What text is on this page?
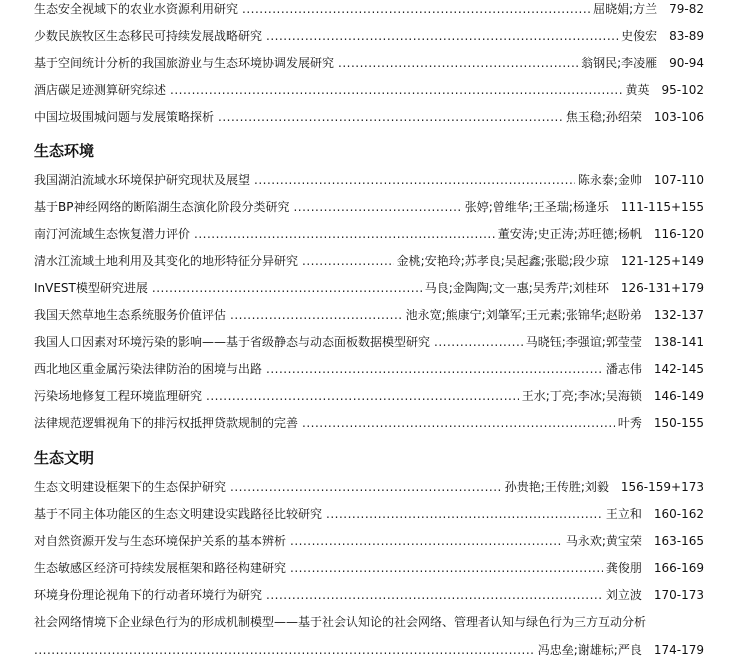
生态安全视域下的农业水资源利用研究 .....	屈晓娟;方兰 79-82
少数民族牧区生态移民可持续发展战略研究 .....	史俊宏 83-89
基于空间统计分析的我国旅游业与生态环境协调发展研究 .....	翁钢民;李凌雁 90-94
酒店碳足迹测算研究综述 .....	黄英 95-102
中国垃圾围城问题与发展策略探析 .....	焦玉稳;孙绍荣 103-106
生态环境
我国湖泊流域水环境保护研究现状及展望 .....	陈永泰;金帅 107-110
基于BP神经网络的断陷湖生态演化阶段分类研究 .....	张婷;曾维华;王圣瑞;杨逢乐 111-115+155
南汀河流域生态恢复潜力评价 .....	董安涛;史正涛;苏旺德;杨帆 116-120
清水江流域土地利用及其变化的地形特征分异研究 .....	金桃;安艳玲;苏孝良;吴起鑫;张聪;段少琼 121-125+149
InVEST模型研究进展 .....	马良;金陶陶;文一惠;吴秀芹;刘桂环 126-131+179
我国天然草地生态系统服务价值评估 .....	池永宽;熊康宁;刘肇军;王元素;张锦华;赵盼弟 132-137
我国人口因素对环境污染的影响——基于省级静态与动态面板数据模型研究 .....	马晓钰;李强谊;郭莹莹 138-141
西北地区重金属污染法律防治的困境与出路 .....	潘志伟 142-145
污染场地修复工程环境监理研究 .....	王水;丁亮;李冰;吴海锁 146-149
法律规范逻辑视角下的排污权抵押贷款规制的完善 .....	叶秀 150-155
生态文明
生态文明建设框架下的生态保护研究 .....	孙贵艳;王传胜;刘毅 156-159+173
基于不同主体功能区的生态文明建设实践路径比较研究 .....	王立和 160-162
对自然资源开发与生态环境保护关系的基本辨析 .....	马永欢;黄宝荣 163-165
生态敏感区经济可持续发展框架和路径构建研究 .....	龚俊朋 166-169
环境身份理论视角下的行动者环境行为研究 .....	刘立波 170-173
社会网络情境下企业绿色行为的形成机制模型——基于社会认知论的社会网络、管理者认知与绿色行为三方互动分析
.....
冯忠垒;谢雄标;严良 174-179
